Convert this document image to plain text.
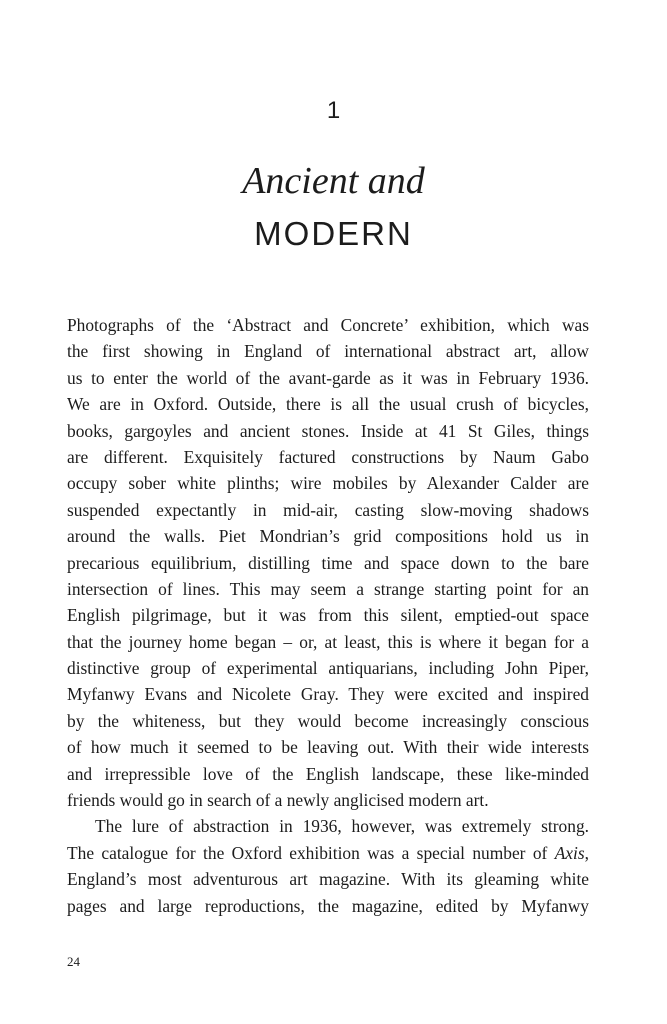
1
Ancient and
MODERN
Photographs of the ‘Abstract and Concrete’ exhibition, which was
the first showing in England of international abstract art, allow
us to enter the world of the avant-garde as it was in February 1936.
We are in Oxford. Outside, there is all the usual crush of bicycles,
books, gargoyles and ancient stones. Inside at 41 St Giles, things
are different. Exquisitely factured constructions by Naum Gabo
occupy sober white plinths; wire mobiles by Alexander Calder are
suspended expectantly in mid-air, casting slow-moving shadows
around the walls. Piet Mondrian’s grid compositions hold us in
precarious equilibrium, distilling time and space down to the bare
intersection of lines. This may seem a strange starting point for an
English pilgrimage, but it was from this silent, emptied-out space
that the journey home began – or, at least, this is where it began for a
distinctive group of experimental antiquarians, including John Piper,
Myfanwy Evans and Nicolete Gray. They were excited and inspired
by the whiteness, but they would become increasingly conscious
of how much it seemed to be leaving out. With their wide interests
and irrepressible love of the English landscape, these like-minded
friends would go in search of a newly anglicised modern art.
The lure of abstraction in 1936, however, was extremely strong.
The catalogue for the Oxford exhibition was a special number of Axis,
England’s most adventurous art magazine. With its gleaming white
pages and large reproductions, the magazine, edited by Myfanwy
24
